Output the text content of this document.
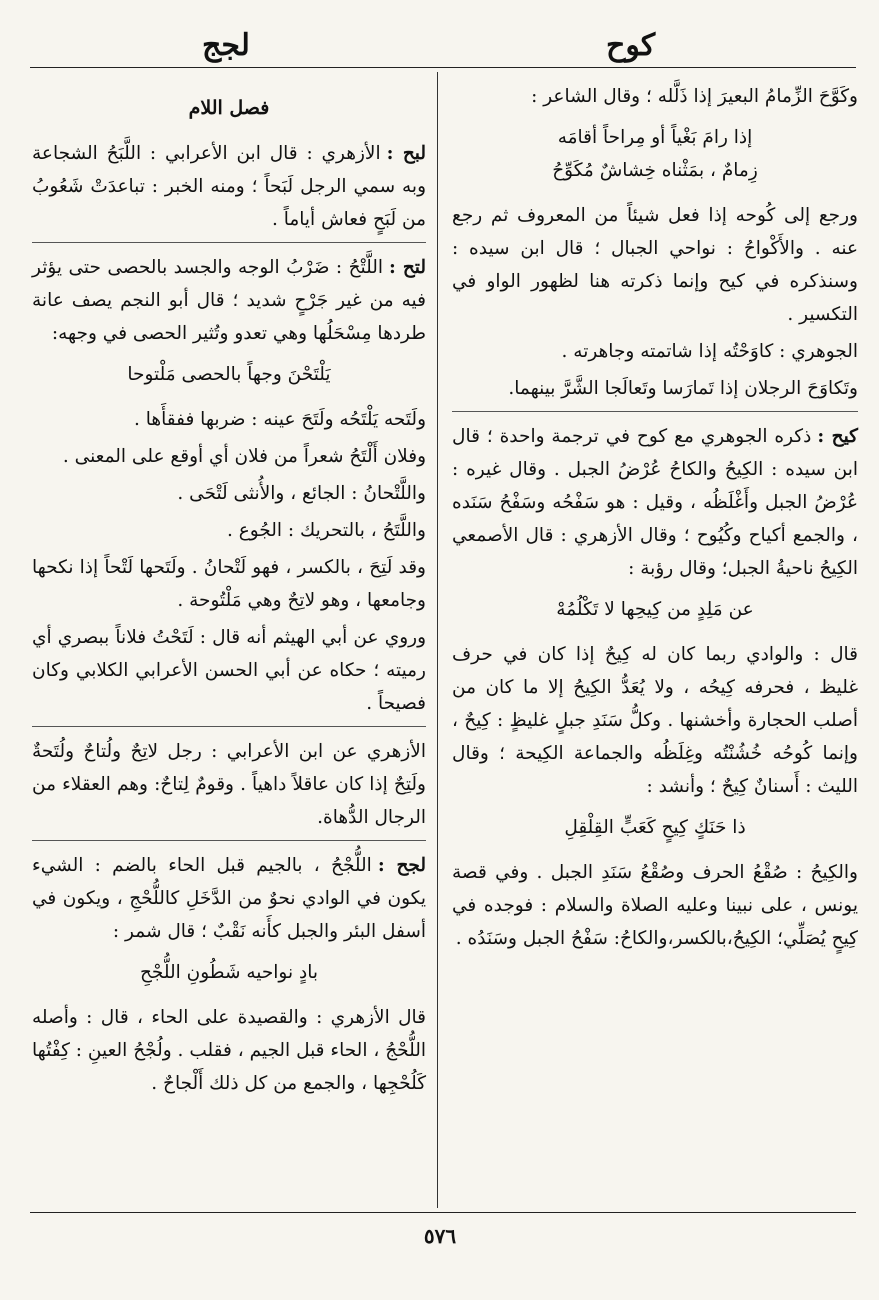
لجج	كوح

وكَوَّحَ الزِّمامُ البعيرَ إذا ذَلَّله ؛ وقال الشاعر :

إذا رامَ بَغْياً أو مِراحاً أقامَه
زِمامٌ ، بمَثْناه خِشاشٌ مُكَوِّحُ

ورجع إلى كُوحه إذا فعل شيئاً من المعروف ثم رجع عنه . والأَكْواحُ : نواحي الجبال ؛ قال ابن سيده : وسنذكره في كيح وإنما ذكرته هنا لظهور الواو في التكسير .

الجوهري : كاوَحْتُه إذا شاتمته وجاهرته .

وتَكاوَحَ الرجلان إذا تَمارَسا وتَعالَجا الشَّرَّ بينهما.

كيح :ذكره الجوهري مع كوح في ترجمة واحدة ؛ قال ابن سيده : الكِيحُ والكاحُ عُرْضُ الجبل . وقال غيره : عُرْضُ الجبل وأَغْلَظُه ، وقيل : هو سَفْحُه وسَفْحُ سَنَده ، والجمع أكياح وكُيُوح ؛ وقال الأزهري : قال الأصمعي الكِيحُ ناحيةُ الجبل؛ وقال رؤبة :

عن مَلِدٍ من كِيحِها لا تَكْلُمُهْ

قال : والوادي ربما كان له كِيحٌ إذا كان في حرف غليظ ، فحرفه كِيحُه ، ولا يُعَدُّ الكِيحُ إلا ما كان من أصلب الحجارة وأخشنها . وكلُّ سَنَدِ جبلٍ غليظٍ : كِيحٌ ، وإنما كُوحُه خُشُنْتُه وغِلَظُه والجماعة الكِيحة ؛ وقال الليث : أَسنانٌ كِيحٌ ؛ وأنشد :

ذا حَنَكٍ كِيحٍ كَعَبٍّ القِلْقِلِ

والكِيحُ : صُقْعُ الحرف وصُقْعُ سَنَدِ الجبل . وفي قصة يونس ، على نبينا وعليه الصلاة والسلام : فوجده في كِيحٍ يُصَلِّي؛ الكِيحُ،بالكسر،والكاحُ: سَفْحُ الجبل وسَنَدُه .

فصل اللام

لبح :الأزهري : قال ابن الأعرابي : اللَّبَحُ الشجاعة وبه سمي الرجل لَبَحاً ؛ ومنه الخبر : تباعدَتْ شَعُوبُ من لَبَحٍ فعاش أياماً .

لتح :اللَّتْحُ : ضَرْبُ الوجه والجسد بالحصى حتى يؤثر فيه من غير جَرْحٍ شديد ؛ قال أبو النجم يصف عانة طردها مِسْحَلُها وهي تعدو وتُثير الحصى في وجهه:

يَلْتَحْنَ وجهاً بالحصى مَلْتوحا

ولَتَحه يَلْتَحُه ولَتَحَ عينه : ضربها ففقأَها .

وفلان أَلْتَحُ شعراً من فلان أي أوقع على المعنى .

واللَّتْحانُ : الجائع ، والأُنثى لَتْحَى .

واللَّتَحُ ، بالتحريك : الجُوع .

وقد لَتِحَ ، بالكسر ، فهو لَتْحانُ . ولَتَحها لَتْحاً إذا نكحها وجامعها ، وهو لاتِحٌ وهي مَلْتُوحة .

وروي عن أبي الهيثم أنه قال : لَتَحْتُ فلاناً ببصري أي رميته ؛ حكاه عن أبي الحسن الأعرابي الكلابي وكان فصيحاً .

الأزهري عن ابن الأعرابي : رجل لاتِحٌ ولُتاحٌ ولُتَحةٌ ولَتِحٌ إذا كان عاقلاً داهياً . وقومٌ لِتاحٌ: وهم العقلاء من الرجال الدُّهاة.

لجح :اللُّجْحُ ، بالجيم قبل الحاء بالضم : الشيء يكون في الوادي نحوٌ من الدَّخَلِ كاللُّحْجِ ، ويكون في أسفل البئر والجبل كأَنه نَقْبٌ ؛ قال شمر :

بادٍ نواحيه شَطُونِ اللُّجْحِ

قال الأزهري : والقصيدة على الحاء ، قال : وأصله اللُّحْجُ ، الحاء قبل الجيم ، فقلب . ولُجْحُ العينِ : كِفْتُها كَلُحْجِها ، والجمع من كل ذلك أَلْجاحٌ .

٥٧٦
